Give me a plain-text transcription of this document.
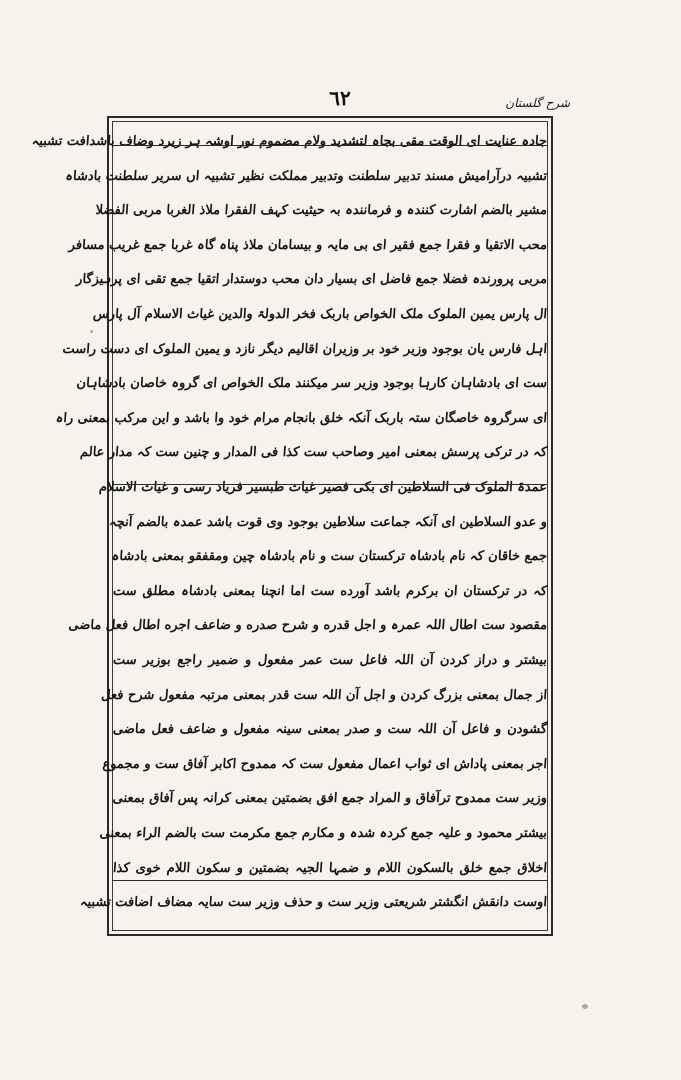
شرح گلستان
٦٢
جادہ عنایت ای الوقت مقی بجاہ لتشدید ولام مضموم نور اوشہ ہر زیرد وضاف باشدافت تشبیہ
تشبیہ درآرامیش مسند تدبیر سلطنت وتدبیر مملکت نظیر تشبیہ اں سریر سلطنت بادشاہ
مشیر بالضم اشارت کنندہ و فرمانندہ بہ حیثیت کہف الفقرا ملاذ الغربا مربی الفضلا
محب الاتقیا و فقرا جمع فقیر ای بی مایہ و بیسامان ملاذ پناہ گاہ غربا جمع غریب مسافر
مربی پرورندہ فضلا جمع فاضل ای بسیار دان محب دوستدار اتقیا جمع تقی ای پرہیزگار
ال پارس یمین الملوک ملک الخواص باربک فخر الدولۃ والدین غیاث الاسلام آل پارس
اہل فارس یان بوجود وزیر خود بر وزیران اقالیم دیگر نازد و یمین الملوک ای دست راست
ست ای بادشاہان کارہا بوجود وزیر سر میکنند ملک الخواص ای گروہ خاصان بادشاہان
ای سرگروہ خاصگان ستہ باربک آنکہ خلق بانجام مرام خود وا باشد و این مرکب بمعنی راہ
کہ در ترکی پرسش بمعنی امیر وصاحب ست کذا فی المدار و چنین ست کہ مدار عالم
عمدۃ الملوک فی السلاطین ای بکی فصیر غیاث طبسیر فریاد رسی و غیاث الاسلام
و عدو السلاطین ای آنکہ جماعت سلاطین بوجود وی قوت باشد عمدہ بالضم آنچہ
جمع خاقان کہ نام بادشاہ ترکستان ست و نام بادشاہ چین ومقفقو بمعنی بادشاہ
کہ در ترکستان ان برکرم باشد آورده ست اما انچنا بمعنی بادشاہ مطلق ست
مقصود ست اطال اللہ عمرہ و اجل قدره و شرح صدره و ضاعف اجره اطال فعل ماضی
بیشتر و دراز کردن آن اللہ فاعل ست عمر مفعول و ضمیر راجع بوزیر ست
از جمال بمعنی بزرگ کردن و اجل آن اللہ ست قدر بمعنی مرتبہ مفعول شرح فعل
گشودن و فاعل آن اللہ ست و صدر بمعنی سینہ مفعول و ضاعف فعل ماضی
اجر بمعنی پاداش ای ثواب اعمال مفعول ست کہ ممدوح اکابر آفاق ست و مجموع
وزیر ست ممدوح ترآفاق و المراد جمع افق بضمتین بمعنی کرانہ پس آفاق بمعنی
بیشتر محمود و علیہ جمع کردہ شدہ و مکارم جمع مکرمت ست بالضم الراء بمعنی
اخلاق جمع خلق بالسکون اللام و ضمہا الجیہ بضمتین و سکون اللام خوی کذا
اوست دانقش انگشتر شریعتی وزیر ست و حذف وزیر ست سایہ مضاف اضافت تشبیہ
